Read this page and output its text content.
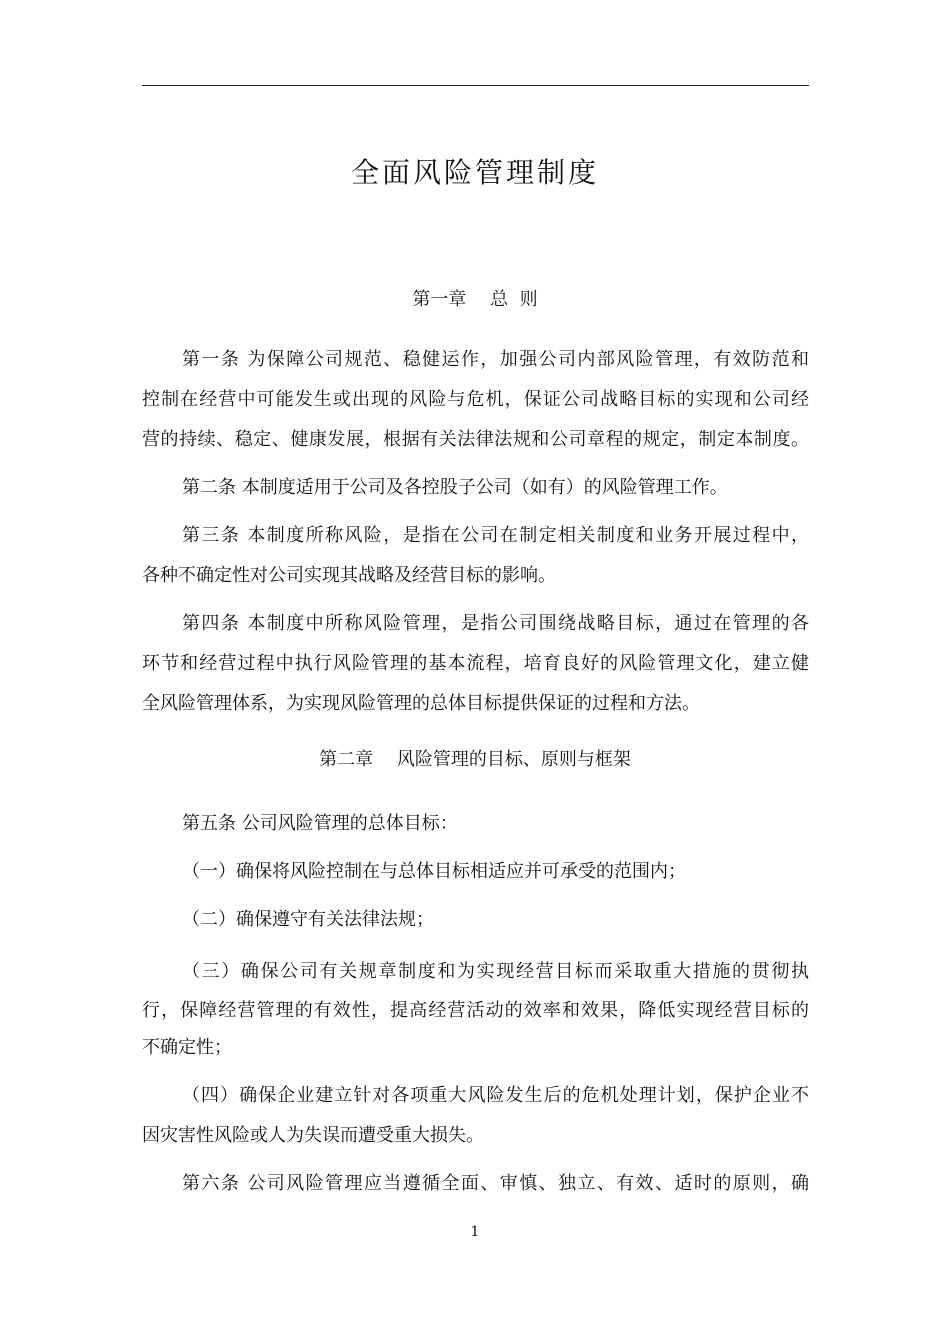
全面风险管理制度
第一章　 总  则
第一条 为保障公司规范、稳健运作，加强公司内部风险管理，有效防范和
控制在经营中可能发生或出现的风险与危机，保证公司战略目标的实现和公司经
营的持续、稳定、健康发展，根据有关法律法规和公司章程的规定，制定本制度。
第二条 本制度适用于公司及各控股子公司（如有）的风险管理工作。
第三条 本制度所称风险，是指在公司在制定相关制度和业务开展过程中，
各种不确定性对公司实现其战略及经营目标的影响。
第四条 本制度中所称风险管理，是指公司围绕战略目标，通过在管理的各
环节和经营过程中执行风险管理的基本流程，培育良好的风险管理文化，建立健
全风险管理体系，为实现风险管理的总体目标提供保证的过程和方法。
第二章　 风险管理的目标、原则与框架
第五条 公司风险管理的总体目标：
（一）确保将风险控制在与总体目标相适应并可承受的范围内；
（二）确保遵守有关法律法规；
（三）确保公司有关规章制度和为实现经营目标而采取重大措施的贯彻执
行，保障经营管理的有效性，提高经营活动的效率和效果，降低实现经营目标的
不确定性；
（四）确保企业建立针对各项重大风险发生后的危机处理计划，保护企业不
因灾害性风险或人为失误而遭受重大损失。
第六条 公司风险管理应当遵循全面、审慎、独立、有效、适时的原则，确
1
